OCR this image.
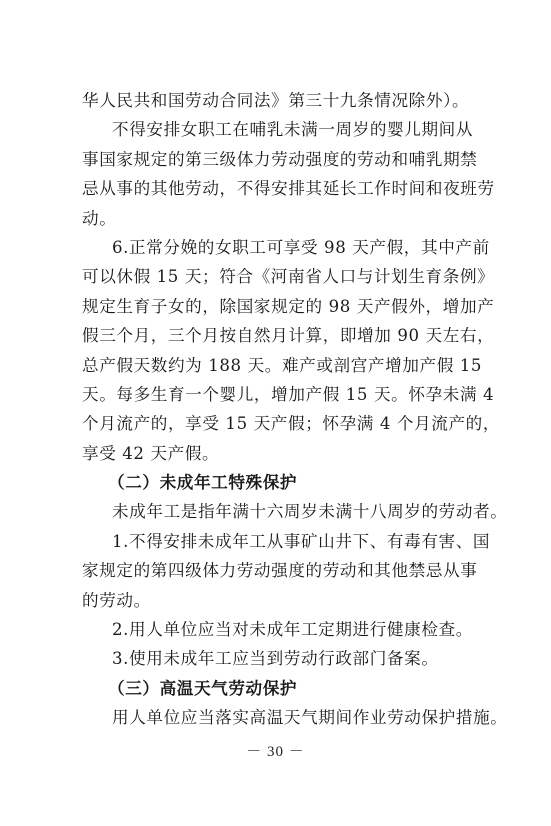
华人民共和国劳动合同法》第三十九条情况除外）。
不得安排女职工在哺乳未满一周岁的婴儿期间从
事国家规定的第三级体力劳动强度的劳动和哺乳期禁
忌从事的其他劳动，不得安排其延长工作时间和夜班劳
动。
6.正常分娩的女职工可享受 98 天产假，其中产前
可以休假 15 天；符合《河南省人口与计划生育条例》
规定生育子女的，除国家规定的 98 天产假外，增加产
假三个月，三个月按自然月计算，即增加 90 天左右，
总产假天数约为 188 天。难产或剖宫产增加产假 15
天。每多生育一个婴儿，增加产假 15 天。怀孕未满 4
个月流产的，享受 15 天产假；怀孕满 4 个月流产的，
享受 42 天产假。
（二）未成年工特殊保护
未成年工是指年满十六周岁未满十八周岁的劳动者。
1.不得安排未成年工从事矿山井下、有毒有害、国
家规定的第四级体力劳动强度的劳动和其他禁忌从事
的劳动。
2.用人单位应当对未成年工定期进行健康检查。
3.使用未成年工应当到劳动行政部门备案。
（三）高温天气劳动保护
用人单位应当落实高温天气期间作业劳动保护措施。
－ 30 －
